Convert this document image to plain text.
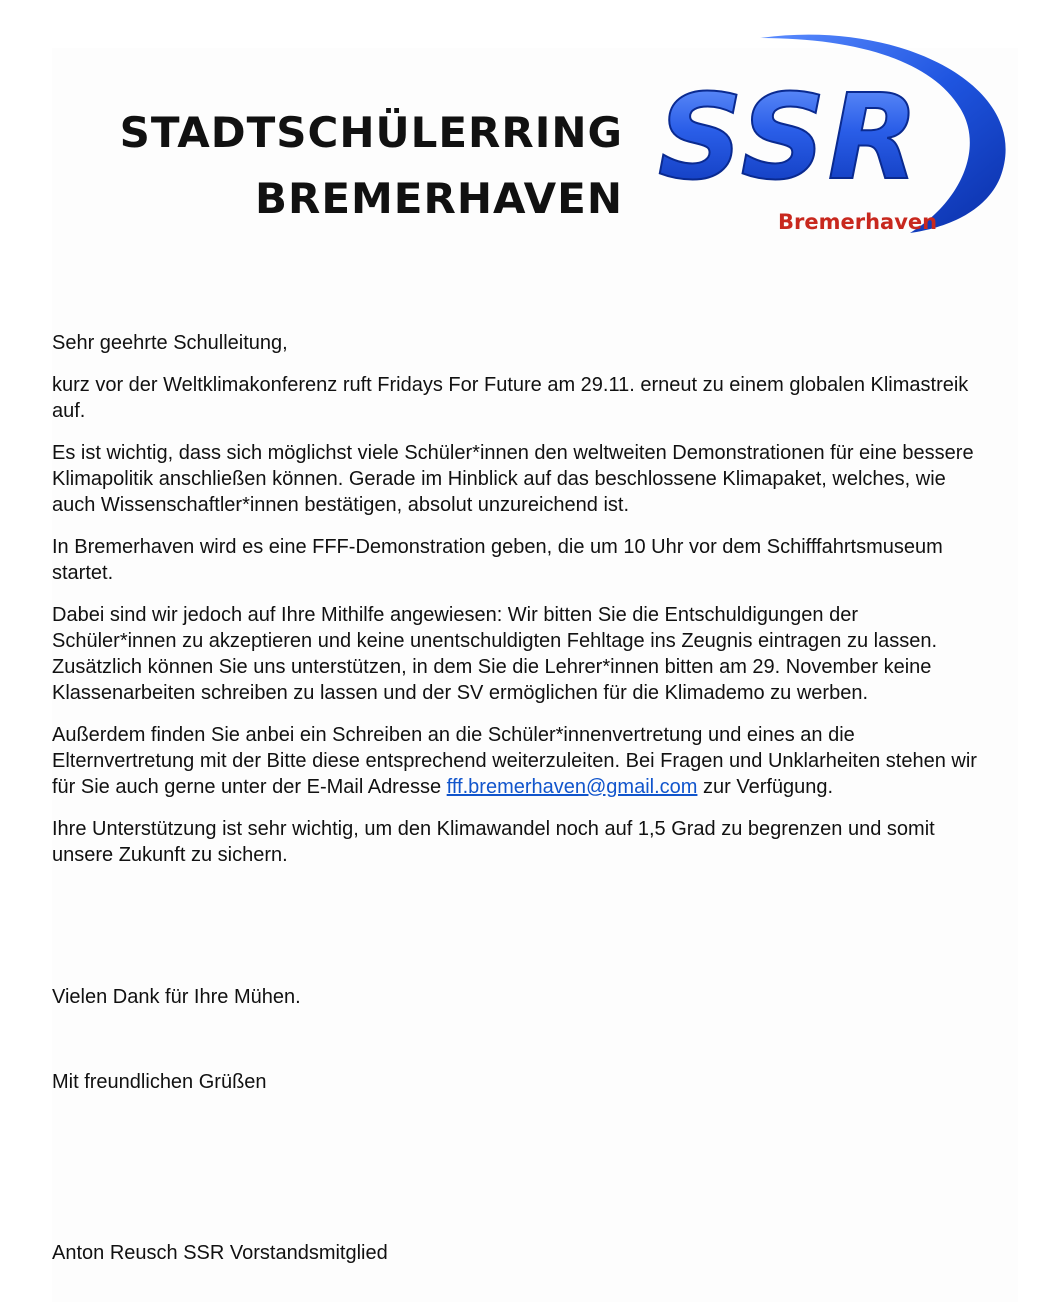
STADTSCHÜLERRING
BREMERHAVEN SSR
Bremerhaven

Sehr geehrte Schulleitung,

kurz vor der Weltklimakonferenz ruft Fridays For Future am 29.11. erneut zu einem globalen Klimastreik auf.

Es ist wichtig, dass sich möglichst viele Schüler*innen den weltweiten Demonstrationen für eine bessere Klimapolitik anschließen können. Gerade im Hinblick auf das beschlossene Klimapaket, welches, wie auch Wissenschaftler*innen bestätigen, absolut unzureichend ist.

In Bremerhaven wird es eine FFF-Demonstration geben, die um 10 Uhr vor dem Schifffahrtsmuseum startet.

Dabei sind wir jedoch auf Ihre Mithilfe angewiesen: Wir bitten Sie die Entschuldigungen der Schüler*innen zu akzeptieren und keine unentschuldigten Fehltage ins Zeugnis eintragen zu lassen. Zusätzlich können Sie uns unterstützen, in dem Sie die Lehrer*innen bitten am 29. November keine Klassenarbeiten schreiben zu lassen und der SV ermöglichen für die Klimademo zu werben.

Außerdem finden Sie anbei ein Schreiben an die Schüler*innenvertretung und eines an die Elternvertretung mit der Bitte diese entsprechend weiterzuleiten. Bei Fragen und Unklarheiten stehen wir für Sie auch gerne unter der E-Mail Adresse fff.bremerhaven@gmail.com zur Verfügung.

Ihre Unterstützung ist sehr wichtig, um den Klimawandel noch auf 1,5 Grad zu begrenzen und somit unsere Zukunft zu sichern.

Vielen Dank für Ihre Mühen.

Mit freundlichen Grüßen

Anton Reusch SSR Vorstandsmitglied
